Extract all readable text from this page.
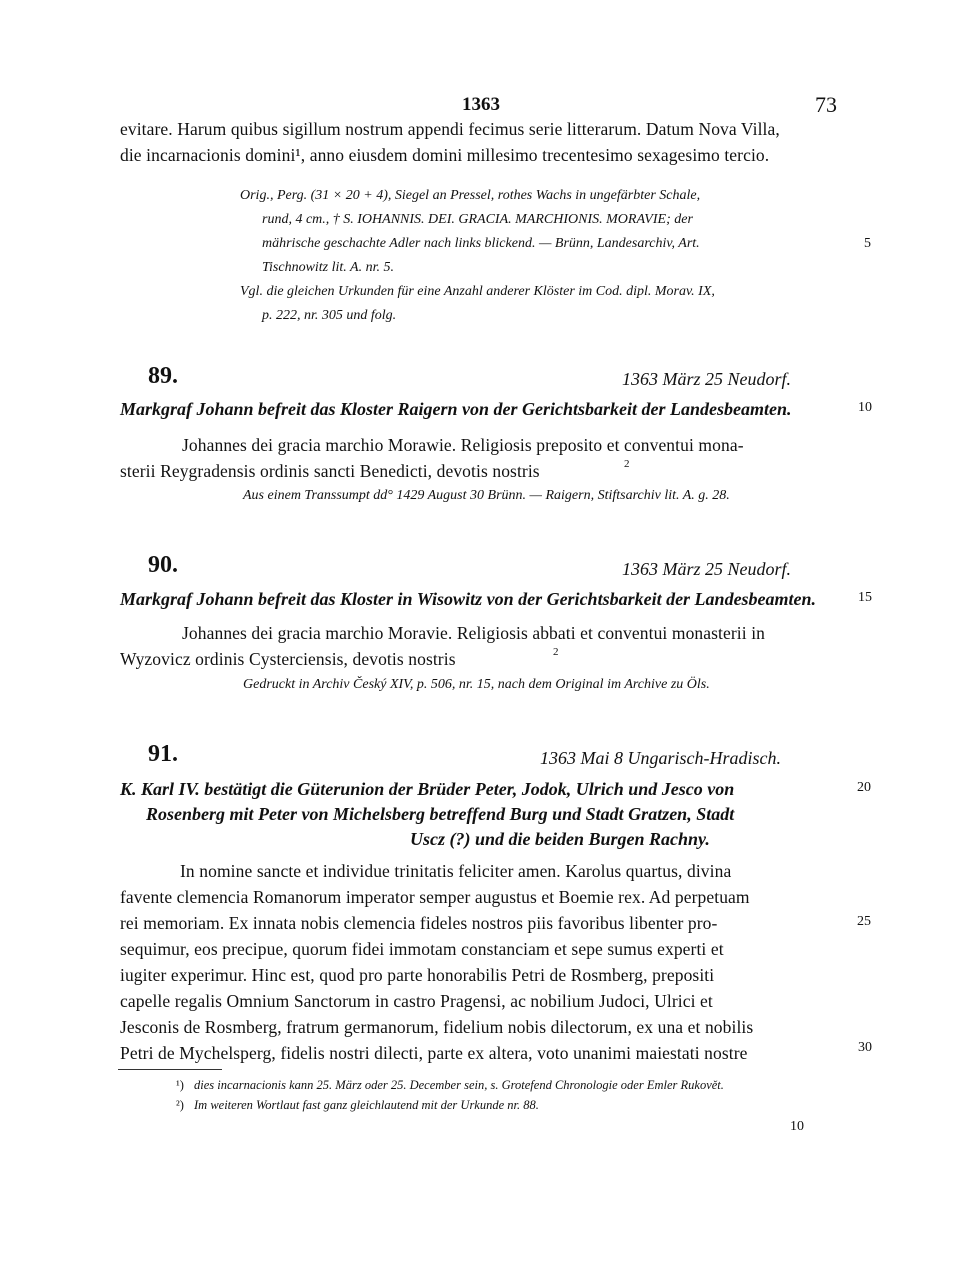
1363	73
evitare. Harum quibus sigillum nostrum appendi fecimus serie litterarum. Datum Nova Villa,
die incarnacionis domini¹, anno eiusdem domini millesimo trecentesimo sexagesimo tercio.
Orig., Perg. (31 × 20 + 4), Siegel an Pressel, rothes Wachs in ungefärbter Schale,
rund, 4 cm., † S. IOHANNIS. DEI. GRACIA. MARCHIONIS. MORAVIE; der
mährische geschachte Adler nach links blickend. — Brünn, Landesarchiv, Art.
Tischnowitz lit. A. nr. 5.
Vgl. die gleichen Urkunden für eine Anzahl anderer Klöster im Cod. dipl. Morav. IX,
p. 222, nr. 305 und folg.
89.	1363 März 25 Neudorf.
Markgraf Johann befreit das Kloster Raigern von der Gerichtsbarkeit der Landesbeamten.
Johannes dei gracia marchio Morawie. Religiosis preposito et conventui mona-
sterii Reygradensis ordinis sancti Benedicti, devotis nostris	2
Aus einem Transsumpt dd° 1429 August 30 Brünn. — Raigern, Stiftsarchiv lit. A. g. 28.
90.	1363 März 25 Neudorf.
Markgraf Johann befreit das Kloster in Wisowitz von der Gerichtsbarkeit der Landesbeamten.
Johannes dei gracia marchio Moravie. Religiosis abbati et conventui monasterii in
Wyzovicz ordinis Cysterciensis, devotis nostris	2
Gedruckt in Archiv Český XIV, p. 506, nr. 15, nach dem Original im Archive zu Öls.
91.	1363 Mai 8 Ungarisch-Hradisch.
K. Karl IV. bestätigt die Güterunion der Brüder Peter, Jodok, Ulrich und Jesco von
Rosenberg mit Peter von Michelsberg betreffend Burg und Stadt Gratzen, Stadt
Uscz (?) und die beiden Burgen Rachny.
In nomine sancte et individue trinitatis feliciter amen. Karolus quartus, divina
favente clemencia Romanorum imperator semper augustus et Boemie rex. Ad perpetuam
rei memoriam. Ex innata nobis clemencia fideles nostros piis favoribus libenter pro-
sequimur, eos precipue, quorum fidei immotam constanciam et sepe sumus experti et
iugiter experimur. Hinc est, quod pro parte honorabilis Petri de Rosmberg, prepositi
capelle regalis Omnium Sanctorum in castro Pragensi, ac nobilium Judoci, Ulrici et
Jesconis de Rosmberg, fratrum germanorum, fidelium nobis dilectorum, ex una et nobilis
Petri de Mychelsperg, fidelis nostri dilecti, parte ex altera, voto unanimi maiestati nostre
5
10
15
20
25
30
¹) dies incarnacionis kann 25. März oder 25. December sein, s. Grotefend Chronologie oder Emler Rukovět.
²) Im weiteren Wortlaut fast ganz gleichlautend mit der Urkunde nr. 88.
10
